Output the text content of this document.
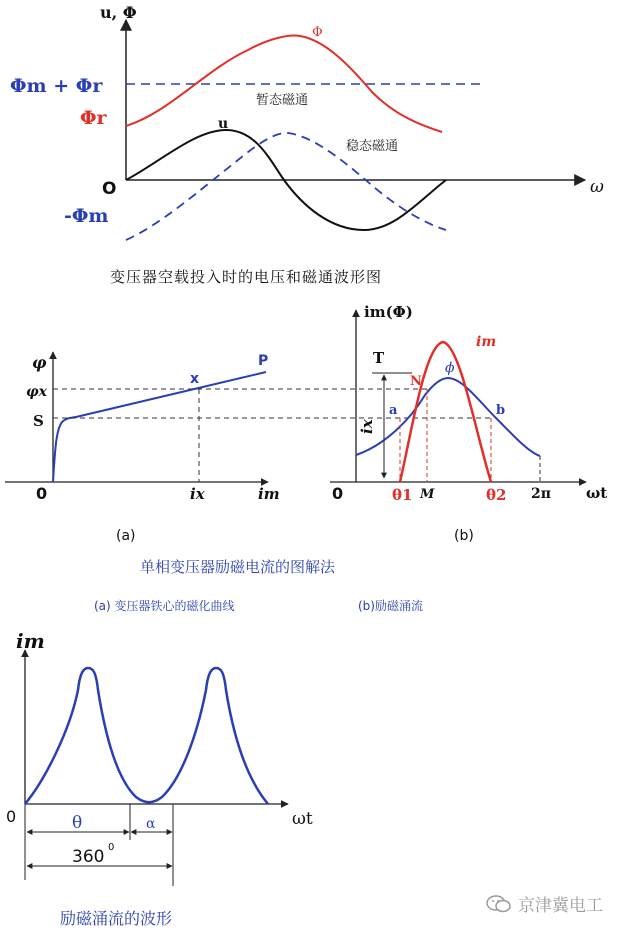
u, Φ
Φ
u
Φm + Φr
Φr
O
-Φm
ω
暂态磁通
稳态磁通
φ
φx
S
x
P
0	ix	im
(a)
im(Φ)
T
N
a	b
ix
im
ϕ
0	θ1 M	θ2 2π ωt
(b)
im
0	ωt
θ	α
360 0
变压器空载投入时的电压和磁通波形图
单相变压器励磁电流的图解法
(a) 变压器铁心的磁化曲线	(b)励磁涌流
励磁涌流的波形
京津冀电工
